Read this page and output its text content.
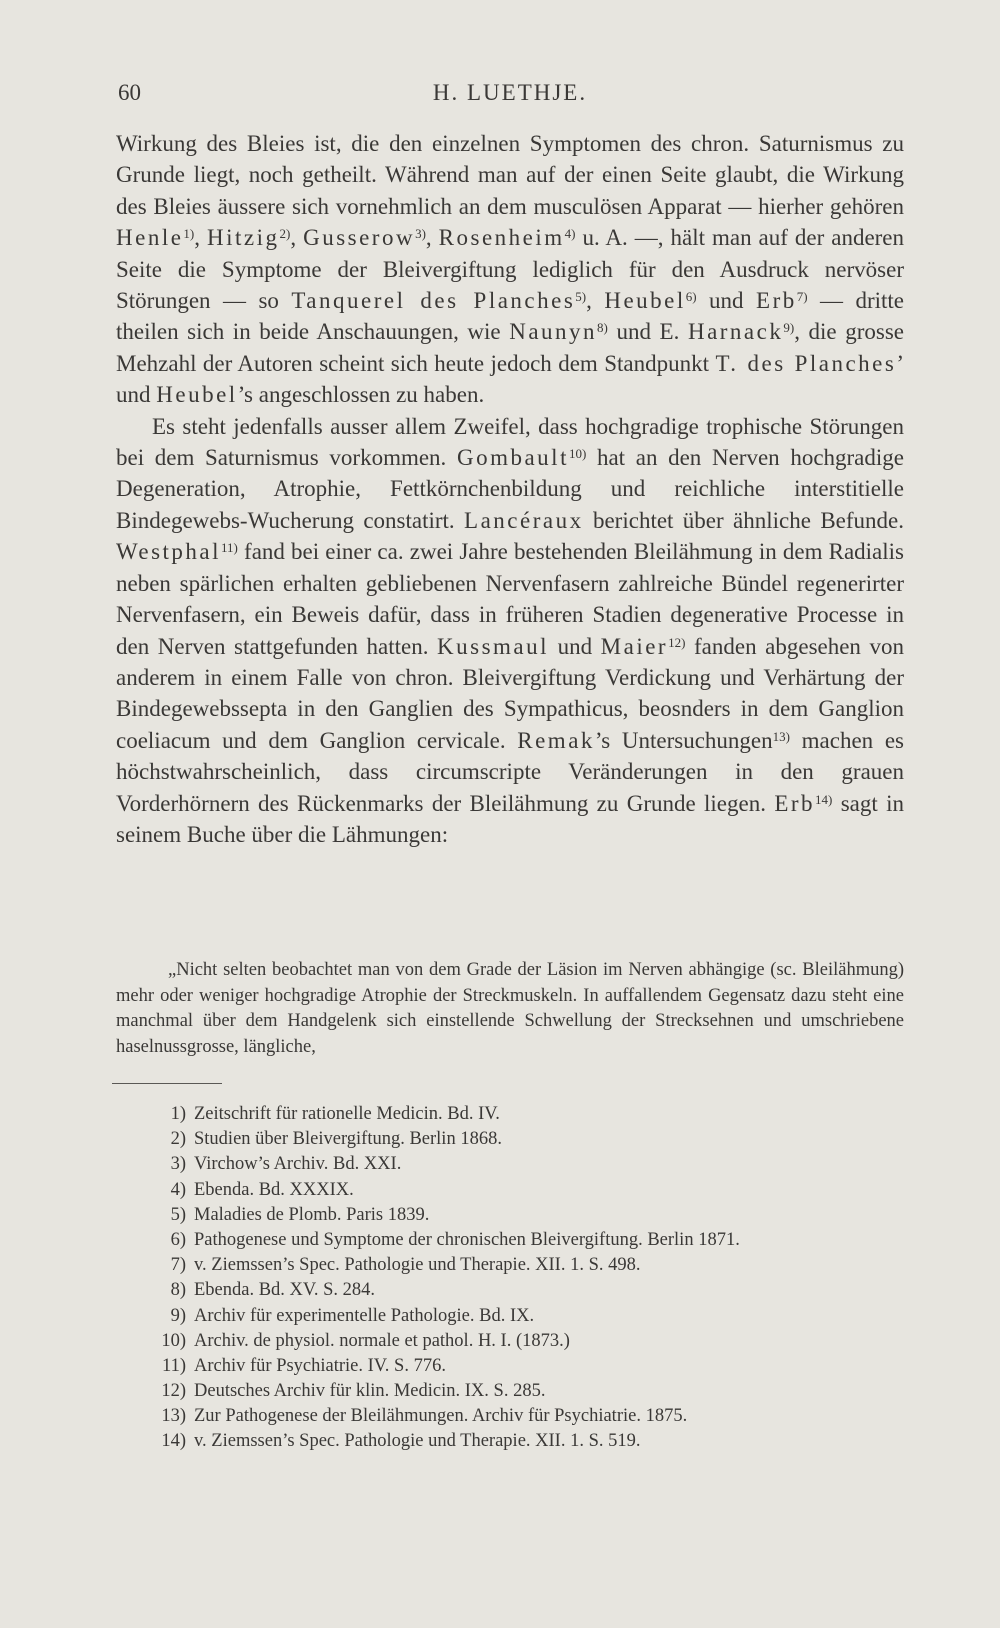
60	H. LUETHJE.

Wirkung des Bleies ist, die den einzelnen Symptomen des chron. Saturnismus zu Grunde liegt, noch getheilt. Während man auf der einen Seite glaubt, die Wirkung des Bleies äussere sich vornehmlich an dem musculösen Apparat — hierher gehören Henle$^{1)}$, Hitzig$^{2)}$, Gusserow$^{3)}$, Rosenheim$^{4)}$ u. A. —, hält man auf der anderen Seite die Symptome der Bleivergiftung lediglich für den Ausdruck nervöser Störungen — so Tanquerel des Planches$^{5)}$, Heubel$^{6)}$ und Erb$^{7)}$ — dritte theilen sich in beide Anschauungen, wie Naunyn$^{8)}$ und E. Harnack$^{9)}$, die grosse Mehzahl der Autoren scheint sich heute jedoch dem Standpunkt T. des Planches’ und Heubel’s angeschlossen zu haben.

Es steht jedenfalls ausser allem Zweifel, dass hochgradige trophische Störungen bei dem Saturnismus vorkommen. Gombault$^{10)}$ hat an den Nerven hochgradige Degeneration, Atrophie, Fettkörnchenbildung und reichliche interstitielle Bindegewebs-Wucherung constatirt. Lancéraux berichtet über ähnliche Befunde. Westphal$^{11)}$ fand bei einer ca. zwei Jahre bestehenden Bleilähmung in dem Radialis neben spärlichen erhalten gebliebenen Nervenfasern zahlreiche Bündel regenerirter Nervenfasern, ein Beweis dafür, dass in früheren Stadien degenerative Processe in den Nerven stattgefunden hatten. Kussmaul und Maier$^{12)}$ fanden abgesehen von anderem in einem Falle von chron. Bleivergiftung Verdickung und Verhärtung der Bindegewebssepta in den Ganglien des Sympathicus, beosnders in dem Ganglion coeliacum und dem Ganglion cervicale. Remak’s Untersuchungen$^{13)}$ machen es höchstwahrscheinlich, dass circumscripte Veränderungen in den grauen Vorderhörnern des Rückenmarks der Bleilähmung zu Grunde liegen. Erb$^{14)}$ sagt in seinem Buche über die Lähmungen:

„Nicht selten beobachtet man von dem Grade der Läsion im Nerven abhängige (sc. Bleilähmung) mehr oder weniger hochgradige Atrophie der Streckmuskeln. In auffallendem Gegensatz dazu steht eine manchmal über dem Handgelenk sich einstellende Schwellung der Strecksehnen und umschriebene haselnussgrosse, längliche,

1) Zeitschrift für rationelle Medicin. Bd. IV.
2) Studien über Bleivergiftung. Berlin 1868.
3) Virchow’s Archiv. Bd. XXI.
4) Ebenda. Bd. XXXIX.
5) Maladies de Plomb. Paris 1839.
6) Pathogenese und Symptome der chronischen Bleivergiftung. Berlin 1871.
7) v. Ziemssen’s Spec. Pathologie und Therapie. XII. 1. S. 498.
8) Ebenda. Bd. XV. S. 284.
9) Archiv für experimentelle Pathologie. Bd. IX.
10) Archiv. de physiol. normale et pathol. H. I. (1873.)
11) Archiv für Psychiatrie. IV. S. 776.
12) Deutsches Archiv für klin. Medicin. IX. S. 285.
13) Zur Pathogenese der Bleilähmungen. Archiv für Psychiatrie. 1875.
14) v. Ziemssen’s Spec. Pathologie und Therapie. XII. 1. S. 519.
